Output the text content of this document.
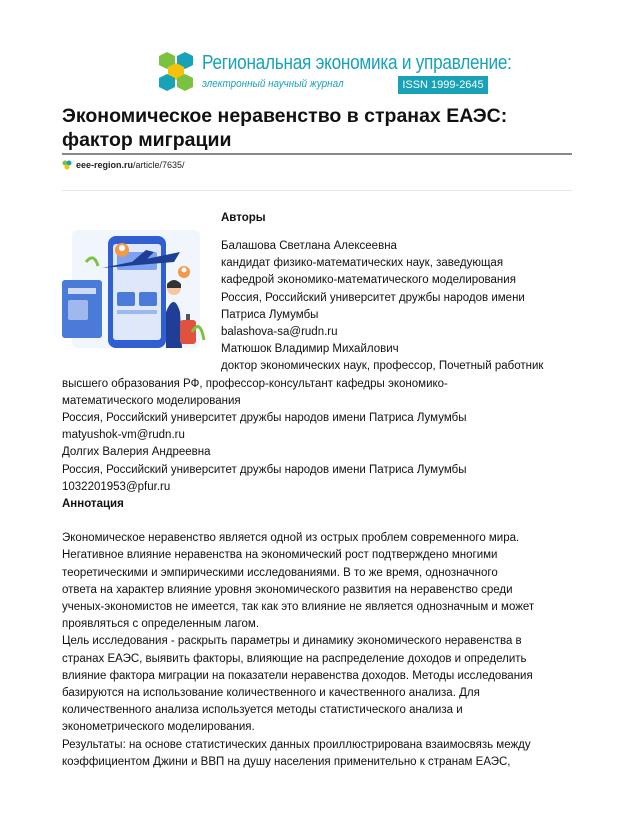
Региональная экономика и управление:
электронный научный журнал	ISSN 1999-2645
Экономическое неравенство в странах ЕАЭС: фактор миграции
eee-region.ru/article/7635/
Авторы
Балашова Светлана Алексеевна
кандидат физико-математических наук, заведующая
кафедрой экономико-математического моделирования
Россия, Российский университет дружбы народов имени
Патриса Лумумбы
balashova-sa@rudn.ru
Матюшок Владимир Михайлович
доктор экономических наук, профессор, Почетный работник
высшего образования РФ, профессор-консультант кафедры экономико-
математического моделирования
Россия, Российский университет дружбы народов имени Патриса Лумумбы
matyushok-vm@rudn.ru
Долгих Валерия Андреевна
Россия, Российский университет дружбы народов имени Патриса Лумумбы
1032201953@pfur.ru
Аннотация
Экономическое неравенство является одной из острых проблем современного мира.
Негативное влияние неравенства на экономический рост подтверждено многими
теоретическими и эмпирическими исследованиями. В то же время, однозначного
ответа на характер влияние уровня экономического развития на неравенство среди
ученых-экономистов не имеется, так как это влияние не является однозначным и может
проявляться с определенным лагом.
Цель исследования - раскрыть параметры и динамику экономического неравенства в
странах ЕАЭС, выявить факторы, влияющие на распределение доходов и определить
влияние фактора миграции на показатели неравенства доходов. Методы исследования
базируются на использование количественного и качественного анализа. Для
количественного анализа используется методы статистического анализа и
эконометрического моделирования.
Результаты: на основе статистических данных проиллюстрирована взаимосвязь между
коэффициентом Джини и ВВП на душу населения применительно к странам ЕАЭС,
